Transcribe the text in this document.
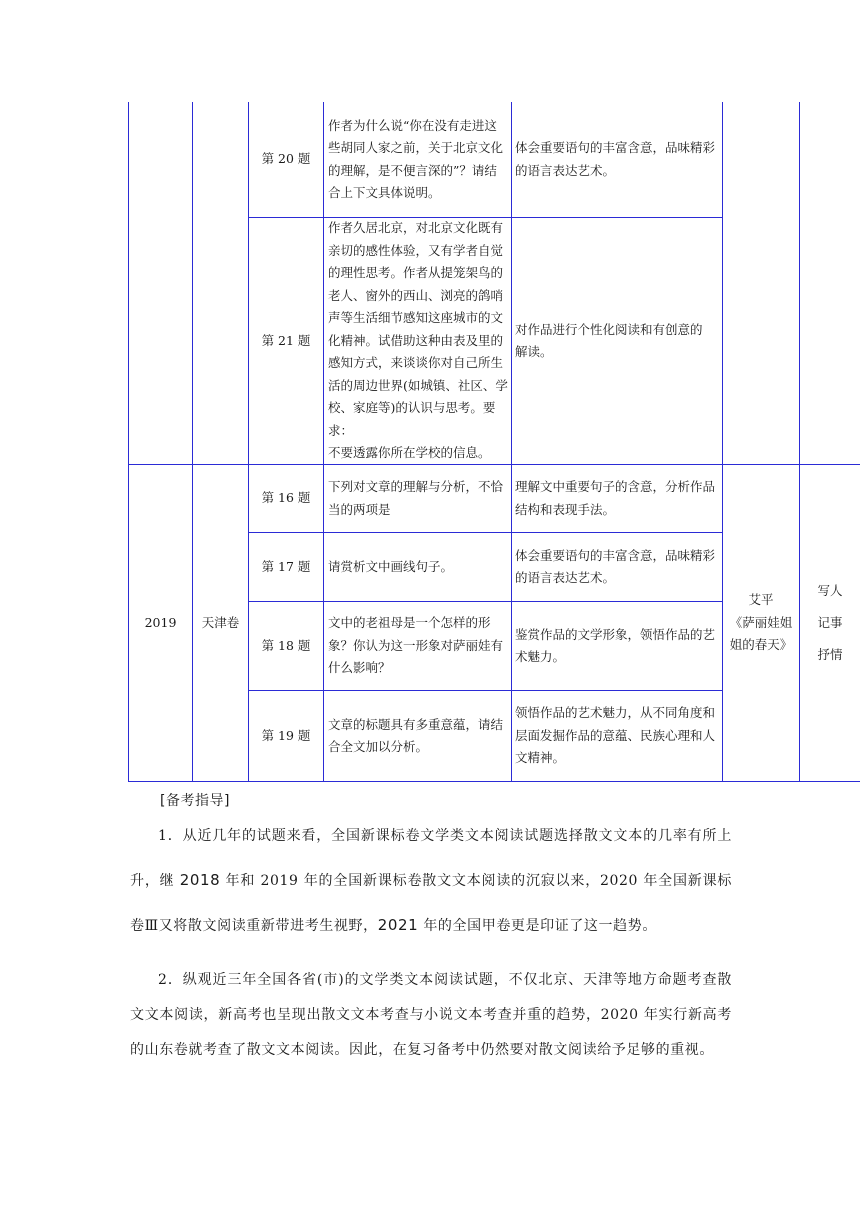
第 20 题
作者为什么说“你在没有走进这
些胡同人家之前，关于北京文化
的理解，是不便言深的”？请结
合上下文具体说明。
体会重要语句的丰富含意，品味精彩
的语言表达艺术。
第 21 题
作者久居北京，对北京文化既有
亲切的感性体验，又有学者自觉
的理性思考。作者从提笼架鸟的
老人、窗外的西山、浏亮的鸽哨
声等生活细节感知这座城市的文
化精神。试借助这种由表及里的
感知方式，来谈谈你对自己所生
活的周边世界(如城镇、社区、学
校、家庭等)的认识与思考。要求：
不要透露你所在学校的信息。
对作品进行个性化阅读和有创意的
解读。
2019 天津卷
艾平
《萨丽娃姐
姐的春天》
写人
记事
抒情
第 16 题
下列对文章的理解与分析，不恰
当的两项是
理解文中重要句子的含意，分析作品
结构和表现手法。
第 17 题	请赏析文中画线句子。
体会重要语句的丰富含意，品味精彩
的语言表达艺术。
第 18 题
文中的老祖母是一个怎样的形
象？你认为这一形象对萨丽娃有
什么影响？
鉴赏作品的文学形象，领悟作品的艺
术魅力。
第 19 题
文章的标题具有多重意蕴，请结
合全文加以分析。
领悟作品的艺术魅力，从不同角度和
层面发掘作品的意蕴、民族心理和人
文精神。
[备考指导]

1．从近几年的试题来看，全国新课标卷文学类文本阅读试题选择散文文本的几率有所上升，继 2018 年和 2019 年的全国新课标卷散文文本阅读的沉寂以来，2020 年全国新课标卷Ⅲ又将散文阅读重新带进考生视野，2021 年的全国甲卷更是印证了这一趋势。

2．纵观近三年全国各省(市)的文学类文本阅读试题，不仅北京、天津等地方命题考查散文文本阅读，新高考也呈现出散文文本考查与小说文本考查并重的趋势，2020 年实行新高考的山东卷就考查了散文文本阅读。因此，在复习备考中仍然要对散文阅读给予足够的重视。
